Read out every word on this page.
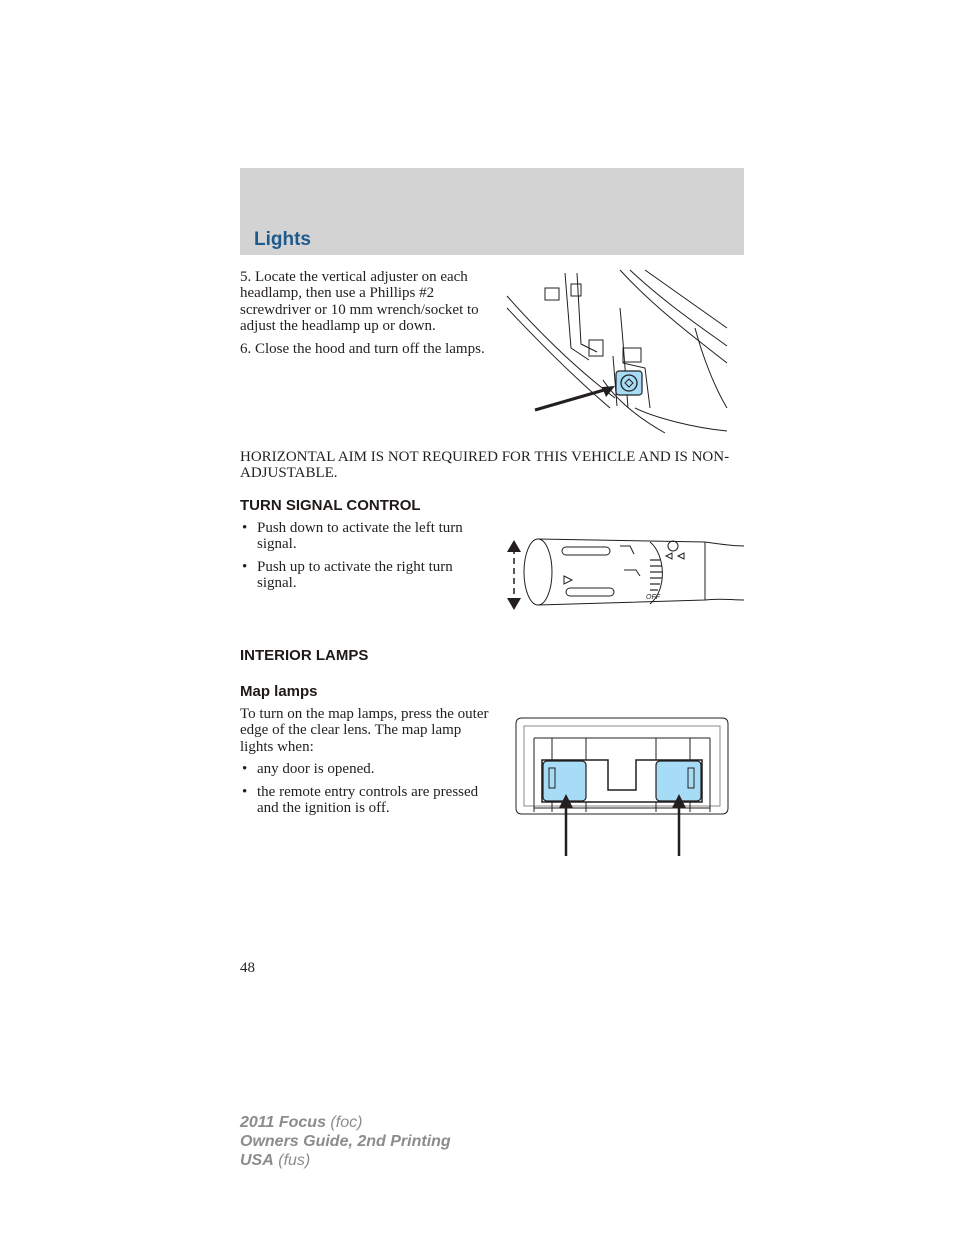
Lights

5. Locate the vertical adjuster on each headlamp, then use a Phillips #2 screwdriver or 10 mm wrench/socket to adjust the headlamp up or down.

6. Close the hood and turn off the lamps.

HORIZONTAL AIM IS NOT REQUIRED FOR THIS VEHICLE AND IS NON-ADJUSTABLE.

TURN SIGNAL CONTROL
• Push down to activate the left turn signal.
• Push up to activate the right turn signal.
OFF
INTERIOR LAMPS
Map lamps

To turn on the map lamps, press the outer edge of the clear lens. The map lamp lights when:

• any door is opened.
• the remote entry controls are pressed and the ignition is off.
48
2011 Focus (foc)
Owners Guide, 2nd Printing
USA (fus)
